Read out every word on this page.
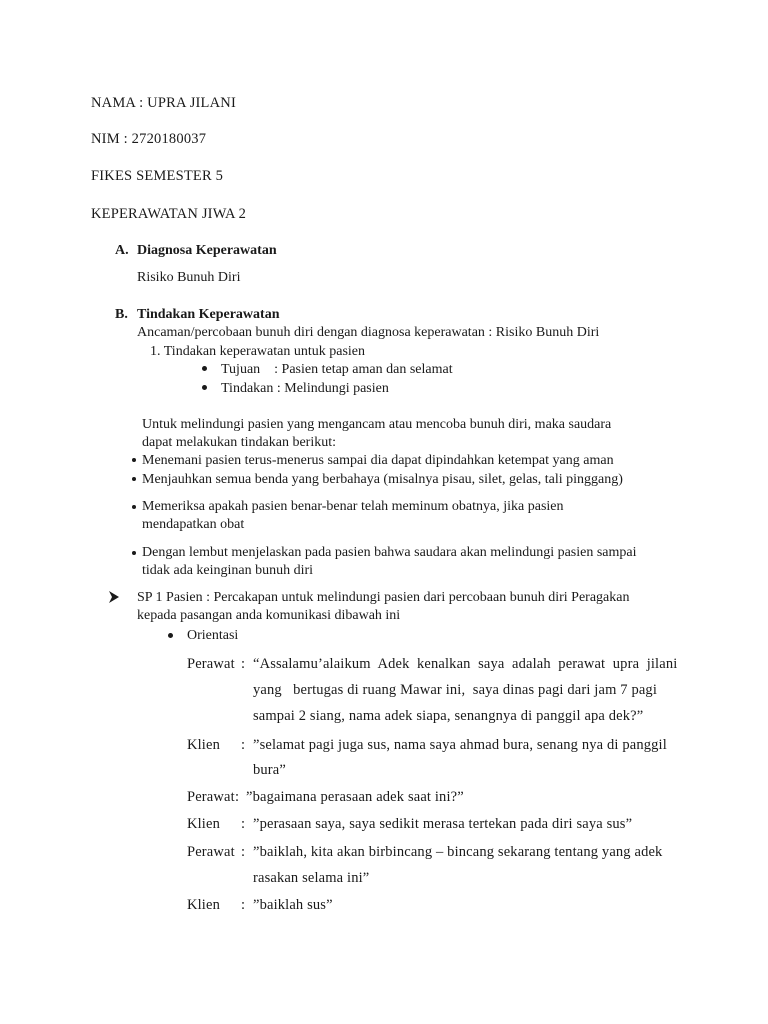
NAMA : UPRA JILANI
NIM : 2720180037
FIKES SEMESTER 5
KEPERAWATAN JIWA 2
A. Diagnosa Keperawatan
Risiko Bunuh Diri
B. Tindakan Keperawatan
Ancaman/percobaan bunuh diri dengan diagnosa keperawatan : Risiko Bunuh Diri
1. Tindakan keperawatan untuk pasien
Tujuan    : Pasien tetap aman dan selamat
Tindakan : Melindungi pasien
Untuk melindungi pasien yang mengancam atau mencoba bunuh diri, maka saudara
dapat melakukan tindakan berikut:
Menemani pasien terus-menerus sampai dia dapat dipindahkan ketempat yang aman
Menjauhkan semua benda yang berbahaya (misalnya pisau, silet, gelas, tali pinggang)
Memeriksa apakah pasien benar-benar telah meminum obatnya, jika pasien
mendapatkan obat
Dengan lembut menjelaskan pada pasien bahwa saudara akan melindungi pasien sampai
tidak ada keinginan bunuh diri
SP 1 Pasien : Percakapan untuk melindungi pasien dari percobaan bunuh diri Peragakan
kepada pasangan anda komunikasi dibawah ini
Orientasi
Perawat : “Assalamu’alaikum  Adek  kenalkan  saya  adalah  perawat  upra  jilani
yang   bertugas di ruang Mawar ini,  saya dinas pagi dari jam 7 pagi
sampai 2 siang, nama adek siapa, senangnya di panggil apa dek?”
Klien : ”selamat pagi juga sus, nama saya ahmad bura, senang nya di panggil
bura”
Perawat : ”bagaimana perasaan adek saat ini?”
Klien : ”perasaan saya, saya sedikit merasa tertekan pada diri saya sus”
Perawat : ”baiklah, kita akan birbincang – bincang sekarang tentang yang adek
rasakan selama ini”
Klien : ”baiklah sus”
